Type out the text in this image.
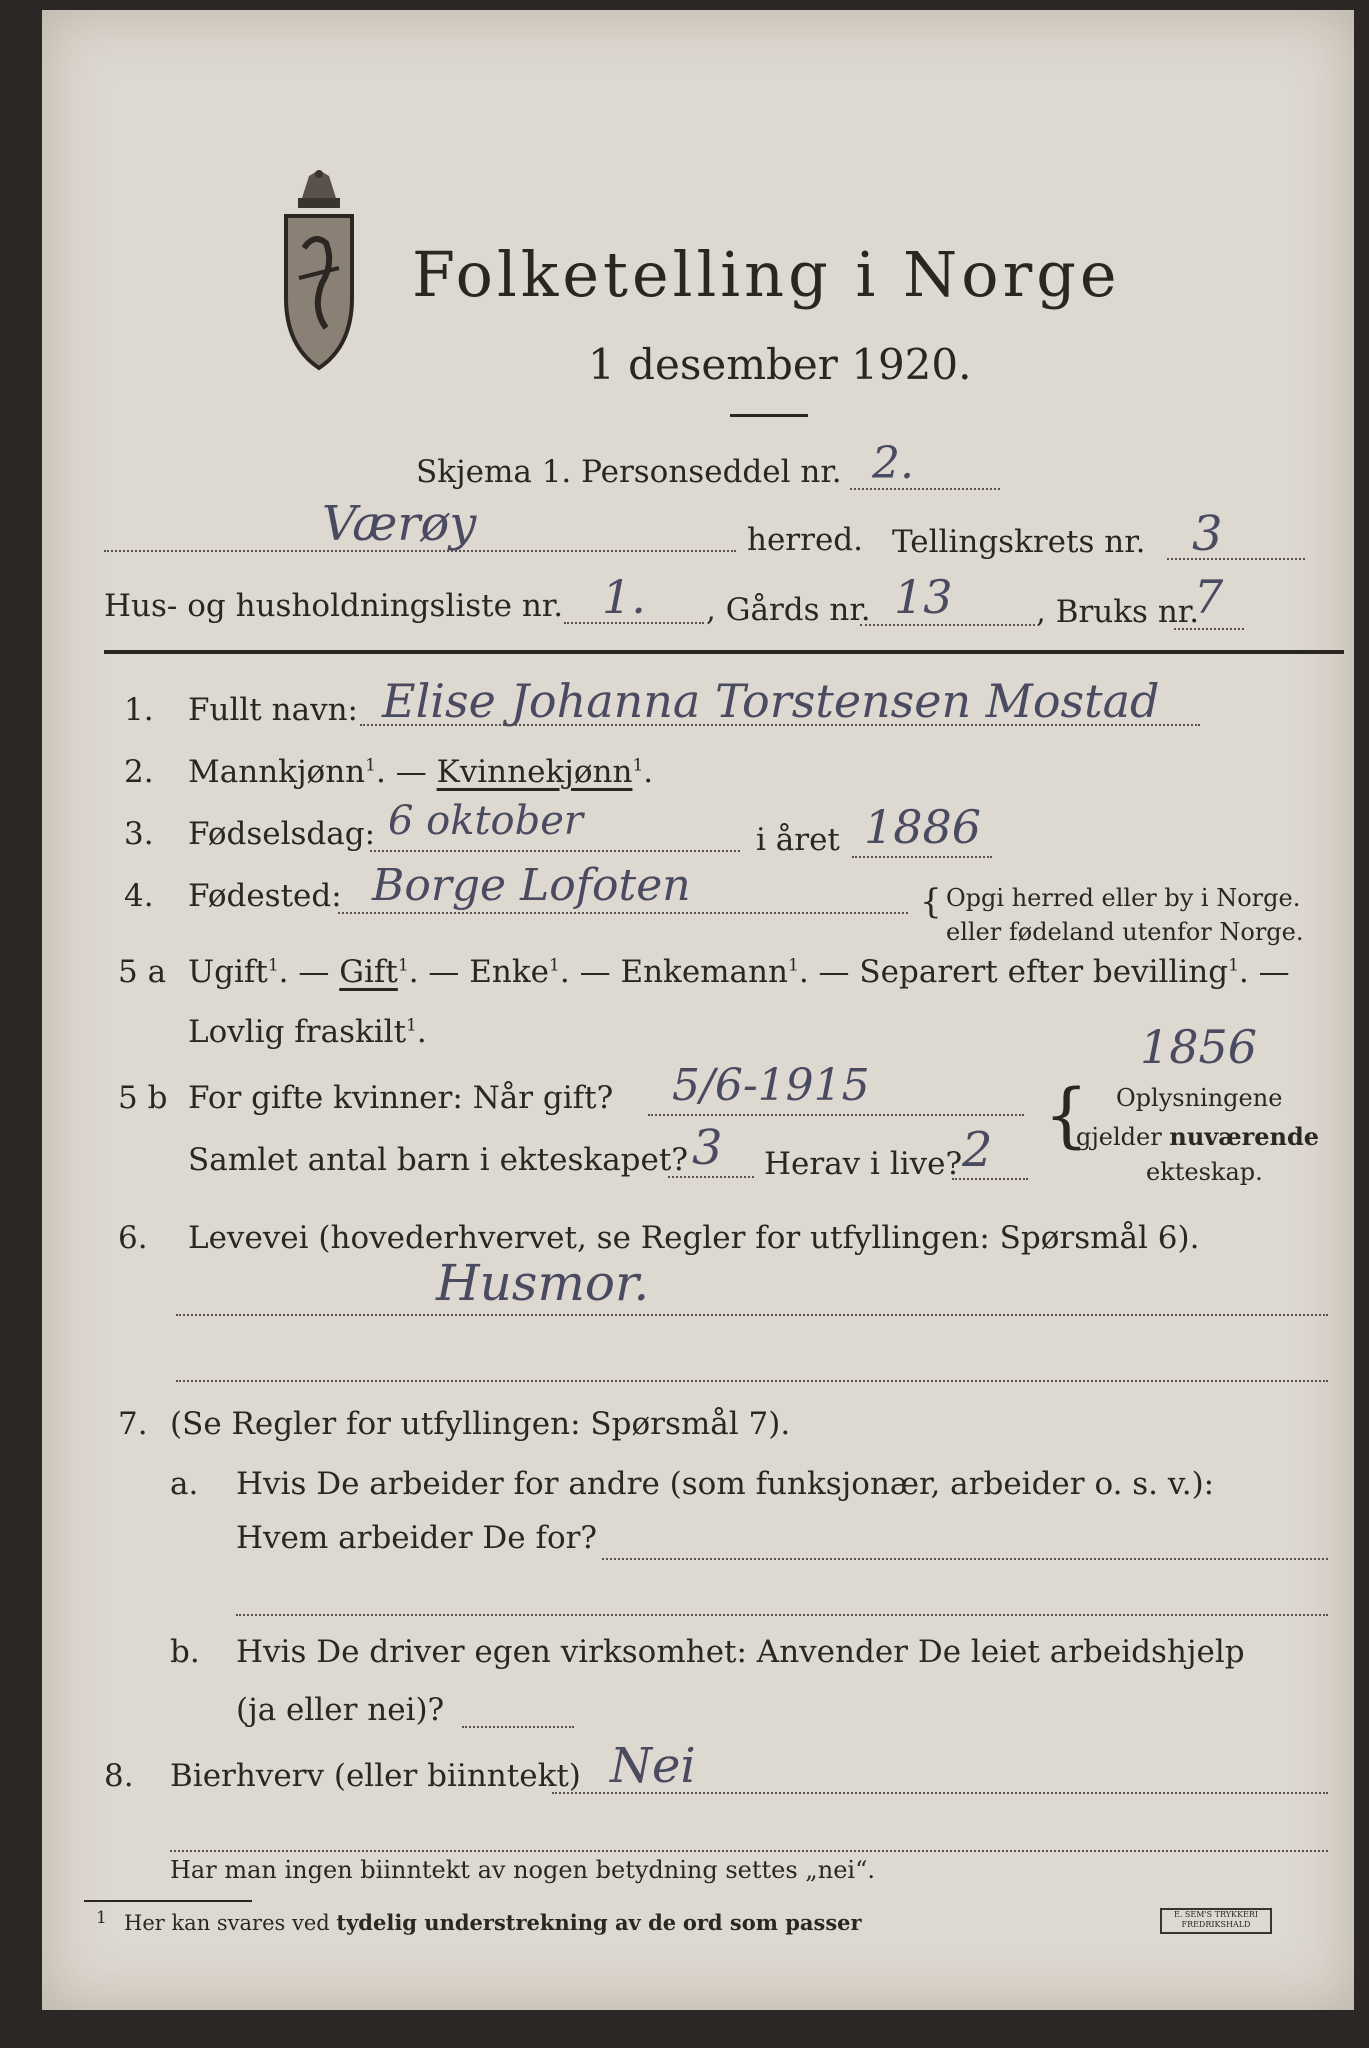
Folketelling i Norge
1 desember 1920.
Skjema 1. Personseddel nr. 2.
Værøy	herred. Tellingskrets nr. 3
Hus- og husholdningsliste nr. 1. , Gårds nr. 13	, Bruks nr.
7
1. Fullt navn: Elise Johanna Torstensen Mostad
2. Mannkjønn$^1$. — Kvinnekjønn$^1$.
3. Fødselsdag: 6 oktober	i året 1886
4. Fødested: Borge Lofoten	{ Opgi herred eller by i Norge.
eller fødeland utenfor Norge.
5 a Ugift$^1$. — Gift$^1$. — Enke$^1$. — Enkemann$^1$. — Separert efter bevilling$^1$. —
Lovlig fraskilt$^1$.	1856
5 b For gifte kvinner: Når gift? 5/6-1915
Samlet antal barn i ekteskapet? 3 Herav i live? 2 { Oplysningene
gjelder nuværende
ekteskap.
6. Levevei (hovederhvervet, se Regler for utfyllingen: Spørsmål 6).
Husmor.
7. (Se Regler for utfyllingen: Spørsmål 7).
a. Hvis De arbeider for andre (som funksjonær, arbeider o. s. v.):
Hvem arbeider De for?
b. Hvis De driver egen virksomhet: Anvender De leiet arbeidshjelp
(ja eller nei)?
8. Bierhverv (eller biinntekt) Nei
Har man ingen biinntekt av nogen betydning settes „nei“.
1 Her kan svares ved tydelig understrekning av de ord som passer	E. SEM'S TRYKKERI FREDRIKSHALD
